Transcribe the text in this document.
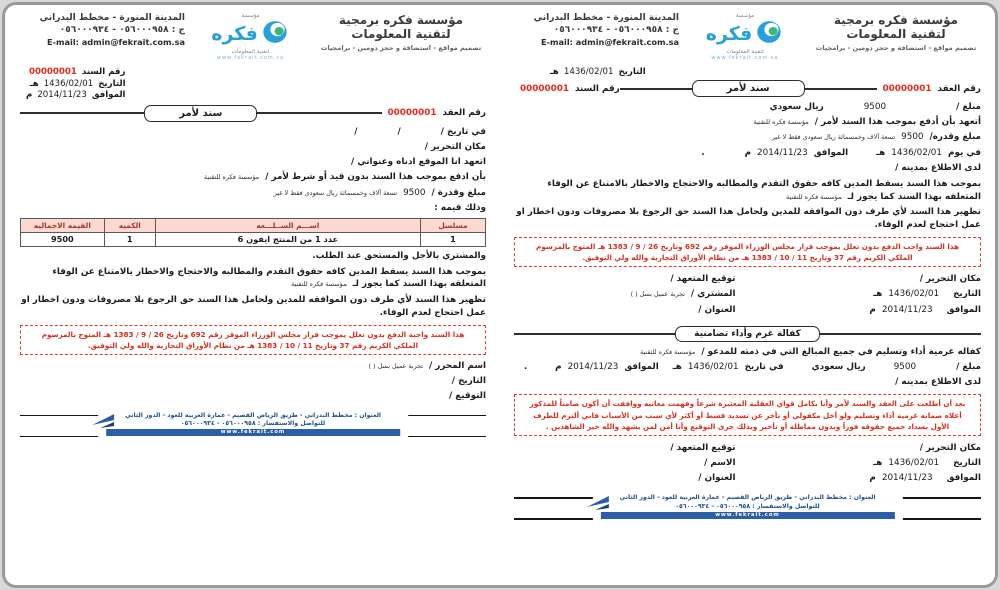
مؤسسة فكره برمجية
لتقنية المعلومات
تصميم مواقع - استضافة و حجز دومين - برامجيات
مؤسسة
فكره
لتقنية المعلومات
www.fekrait.com.sa
المدينة المنورة - مخطط البدراني
ج : ٠٥٦٠٠٠٩٥٨ - ٠٥٦٠٠٠٩٣٤
E-mail: admin@fekrait.com.sa
رقم السند
00000001
التاريخ
1436/02/01
هـ
الموافق
2014/11/23
م
رقم العقد
00000001
سند لأمر
في تاريخ /
/
/
مكان التحرير /
اتعهد انا الموقع ادناه وعنواني /
بأن ادفع بموجب هذا السند بدون قيد أو شرط لأمر /
مؤسسة فكره للتقنية
مبلغ وقدرة /
9500
تسعة آلاف وخمسمائة ريال سعودي فقط لا غير
وذلك قيمه :
مسلسل	اســـم الســلـــعه	الكميه	القيمه الاجماليه
1	عدد 1 من المنتج ايفون 6	1	9500
والمشتري بالأجل والمستحق عند الطلب.
بموجب هذا السند يسقط المدين كافه حقوق التقدم والمطالبه والاحتجاج والاخطار بالامتناع عن الوفاء المتعلقه بهذا السند كما يجوز لـمؤسسة فكره للتقنية
تظهير هذا السند لأي طرف دون الموافقه للمدين ولحامل هذا السند حق الرجوع بلا مصروفات ودون اخطار او عمل احتجاج لعدم الوفاء.
هذا السند واجبة الدفع بدون تعلل بموجب قرار مجلس الوزراء الموقر رقم 692 وتاريخ 26 / 9 / 1383 هـ المتوج بالمرسوم الملكي الكريم رقم 37 وتاريخ 11 / 10 / 1383 هـ من نظام الأوراق التجارية والله ولي التوفيق.
اسم المحرر /
تجربة عميل بسل ( )
التاريخ /
التوقيع /
العنوان : مخطط البدراني - طريق الرياض القصيم - عمارة العربية للعود - الدور الثاني
للتواصل والاستفسار : ٠٥٦٠٠٠٩٥٨ - ٠٥٦٠٠٠٩٣٤
www.fekrait.com
مؤسسة فكره برمجية
لتقنية المعلومات
تصميم مواقع - استضافة و حجز دومين - برامجيات
مؤسسة
فكره
لتقنية المعلومات
www.fekrait.com.sa
المدينة المنورة - مخطط البدراني
ج : ٠٥٦٠٠٠٩٥٨ - ٠٥٦٠٠٠٩٣٤
E-mail: admin@fekrait.com.sa
التاريخ
1436/02/01
هـ
رقم العقد
00000001
سند لأمر
رقم السند
00000001
مبلغ /
9500
ريال سعودي
أتعهد بأن أدفع بموجب هذا السند لأمر /
مؤسسة فكره للتقنية
مبلغ وقدره/
9500
تسعة آلاف وخمسمائة ريال سعودي فقط لا غير
في يوم
1436/02/01
هـ
الموافق
2014/11/23
م
.
لدى الاطلاع بمدينه /
بموجب هذا السند يسقط المدين كافه حقوق التقدم والمطالبه والاحتجاج والاخطار بالامتناع عن الوفاء المتعلقه بهذا السند كما يجوز لـمؤسسة فكره للتقنية
تظهير هذا السند لأي طرف دون الموافقه للمدين ولحامل هذا السند حق الرجوع بلا مصروفات ودون اخطار او عمل احتجاج لعدم الوفاء.
هذا السند واجب الدفع بدون تعلل بموجب قرار مجلس الوزراء الموقر رقم 692 وتاريخ 26 / 9 / 1383 هـ المتوج بالمرسوم الملكي الكريم رقم 37 وتاريخ 11 / 10 / 1383 هـ من نظام الأوراق التجارية والله ولي التوفيق.
مكان التحرير /
التاريخ
1436/02/01
هـ
الموافق
2014/11/23
م
توقيع المتعهد /
المشتري /
تجربة عميل بسل ( )
العنوان /
كفالة غرم وأداء تضامنية
كفاله غرمية أداء وتسليم في جميع المبالغ التي في ذمته للمدعو /
مؤسسة فكره للتقنية
مبلغ /
9500
ريال سعودي
في تاريخ
1436/02/01
هـ
الموافق
2014/11/23
م
.
لدى الاطلاع بمدينه /
بعد أن أطلعت على العقد والسند لأمر وأنا بكامل قواي العقلية المعتبرة شرعاً وفهمت معانيه ووافقت أن أكون ضامناً للمذكور أعلاه ضمانه غرمية أداء وتسليم ولو أخل مكفولي أو تأخر عن تسديد قسط أو أكثر لأي سبب من الأسباب فاني ألتزم للطرف الأول بسداد جميع حقوقه فوراً وبدون مماطلة أو تأخير وبذلك جرى التوقيع وأنا أمن لمن يشهد والله خير الشاهدين .
مكان التحرير /
التاريخ
1436/02/01
هـ
الموافق
2014/11/23
م
توقيع المتعهد /
الاسم /
العنوان /
العنوان : مخطط البدراني - طريق الرياض القصيم - عمارة العربية للعود - الدور الثاني
للتواصل والاستفسار : ٠٥٦٠٠٠٩٥٨ - ٠٥٦٠٠٠٩٣٤
www.fekrait.com
